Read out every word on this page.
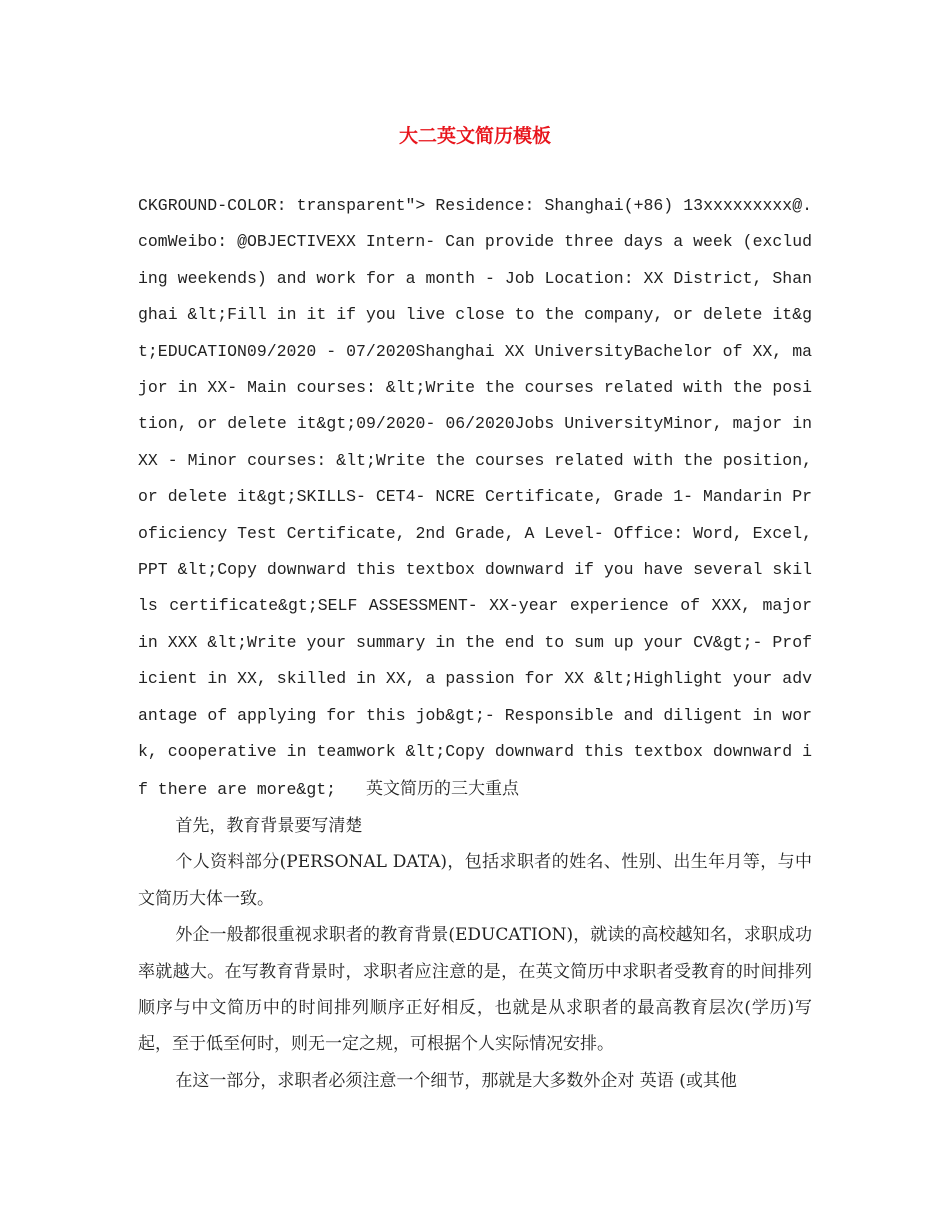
大二英文简历模板

CKGROUND-COLOR: transparent"> Residence: Shanghai(+86) 13xxxxxxxxx@.comWeibo: @OBJECTIVEXX Intern- Can provide three days a week (excluding weekends) and work for a month - Job Location: XX District, Shanghai &lt;Fill in it if you live close to the company, or delete it&gt;EDUCATION09/2020 - 07/2020Shanghai XX UniversityBachelor of XX, major in XX- Main courses: &lt;Write the courses related with the position, or delete it&gt;09/2020- 06/2020Jobs UniversityMinor, major in XX - Minor courses: &lt;Write the courses related with the position, or delete it&gt;SKILLS- CET4- NCRE Certificate, Grade 1- Mandarin Proficiency Test Certificate, 2nd Grade, A Level- Office: Word, Excel, PPT &lt;Copy downward this textbox downward if you have several skills certificate&gt;SELF ASSESSMENT- XX-year experience of XXX, major in XXX &lt;Write your summary in the end to sum up your CV&gt;- Proficient in XX, skilled in XX, a passion for XX &lt;Highlight your advantage of applying for this job&gt;- Responsible and diligent in work, cooperative in teamwork &lt;Copy downward this textbox downward if there are more&gt; 英文简历的三大重点

首先，教育背景要写清楚

个人资料部分(PERSONAL DATA)，包括求职者的姓名、性别、出生年月等，与中文简历大体一致。

外企一般都很重视求职者的教育背景(EDUCATION)，就读的高校越知名，求职成功率就越大。在写教育背景时，求职者应注意的是，在英文简历中求职者受教育的时间排列顺序与中文简历中的时间排列顺序正好相反，也就是从求职者的最高教育层次(学历)写起，至于低至何时，则无一定之规，可根据个人实际情况安排。

在这一部分，求职者必须注意一个细节，那就是大多数外企对 英语 (或其他
